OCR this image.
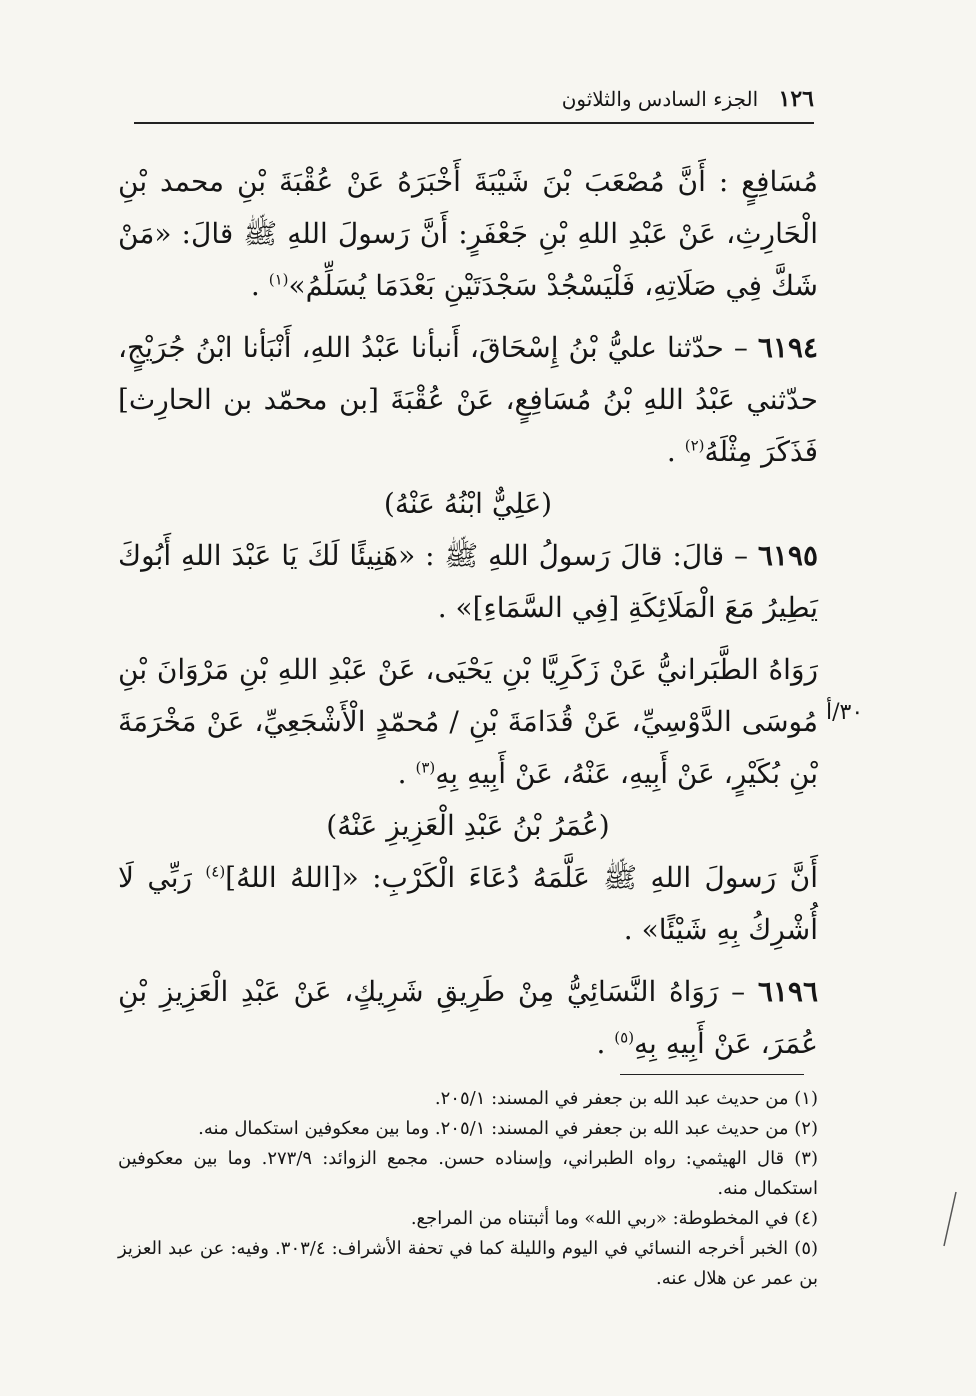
١٢٦ الجزء السادس والثلاثون

مُسَافِعٍ : أَنَّ مُصْعَبَ بْنَ شَيْبَةَ أَخْبَرَهُ عَنْ عُقْبَةَ بْنِ محمد بْنِ الْحَارِثِ، عَنْ عَبْدِ اللهِ بْنِ جَعْفَرٍ: أَنَّ رَسولَ اللهِ ﷺ قالَ: «مَنْ شَكَّ فِي صَلَاتِهِ، فَلْيَسْجُدْ سَجْدَتَيْنِ بَعْدَمَا يُسَلِّمُ»$^{(١)}$ .

٦١٩٤ – حدّثنا عليُّ بْنُ إِسْحَاقَ، أَنبأنا عَبْدُ اللهِ، أَنْبَأنا ابْنُ جُرَيْجٍ، حدّثني عَبْدُ اللهِ بْنُ مُسَافِعٍ، عَنْ عُقْبَةَ [بن محمّد بن الحارِث] فَذَكَرَ مِثْلَهُ$^{(٢)}$ .

(عَلِيٌّ ابْنُهُ عَنْهُ)

٦١٩٥ – قالَ: قالَ رَسولُ اللهِ ﷺ : «هَنِيئًا لَكَ يَا عَبْدَ اللهِ أَبُوكَ يَطِيرُ مَعَ الْمَلَائِكَةِ [فِي السَّمَاءِ]» .

رَوَاهُ الطَّبَرانيُّ عَنْ زَكَرِيَّا بْنِ يَحْيَى، عَنْ عَبْدِ اللهِ بْنِ مَرْوَانَ بْنِ مُوسَى الدَّوْسِيِّ، عَنْ قُدَامَةَ بْنِ / مُحمّدٍ الْأَشْجَعِيِّ، عَنْ مَخْرَمَةَ بْنِ بُكَيْرٍ، عَنْ أَبِيهِ، عَنْهُ، عَنْ أَبِيهِ بِهِ$^{(٣)}$ .

(عُمَرُ بْنُ عَبْدِ الْعَزِيزِ عَنْهُ)

أَنَّ رَسولَ اللهِ ﷺ عَلَّمَهُ دُعَاءَ الْكَرْبِ: «[اللهُ اللهُ]$^{(٤)}$ رَبِّي لَا أُشْرِكُ بِهِ شَيْئًا» .

٦١٩٦ – رَوَاهُ النَّسَائِيُّ مِنْ طَرِيقِ شَرِيكٍ، عَنْ عَبْدِ الْعَزِيزِ بْنِ عُمَرَ، عَنْ أَبِيهِ بِهِ$^{(٥)}$ .

٣٠/أ

(١) من حديث عبد الله بن جعفر في المسند: ٢٠٥/١.

(٢) من حديث عبد الله بن جعفر في المسند: ٢٠٥/١. وما بين معكوفين استكمال منه.

(٣) قال الهيثمي: رواه الطبراني، وإسناده حسن. مجمع الزوائد: ٢٧٣/٩. وما بين معكوفين استكمال منه.

(٤) في المخطوطة: «ربي الله» وما أثبتناه من المراجع.

(٥) الخبر أخرجه النسائي في اليوم والليلة كما في تحفة الأشراف: ٣٠٣/٤. وفيه: عن عبد العزيز بن عمر عن هلال عنه.
